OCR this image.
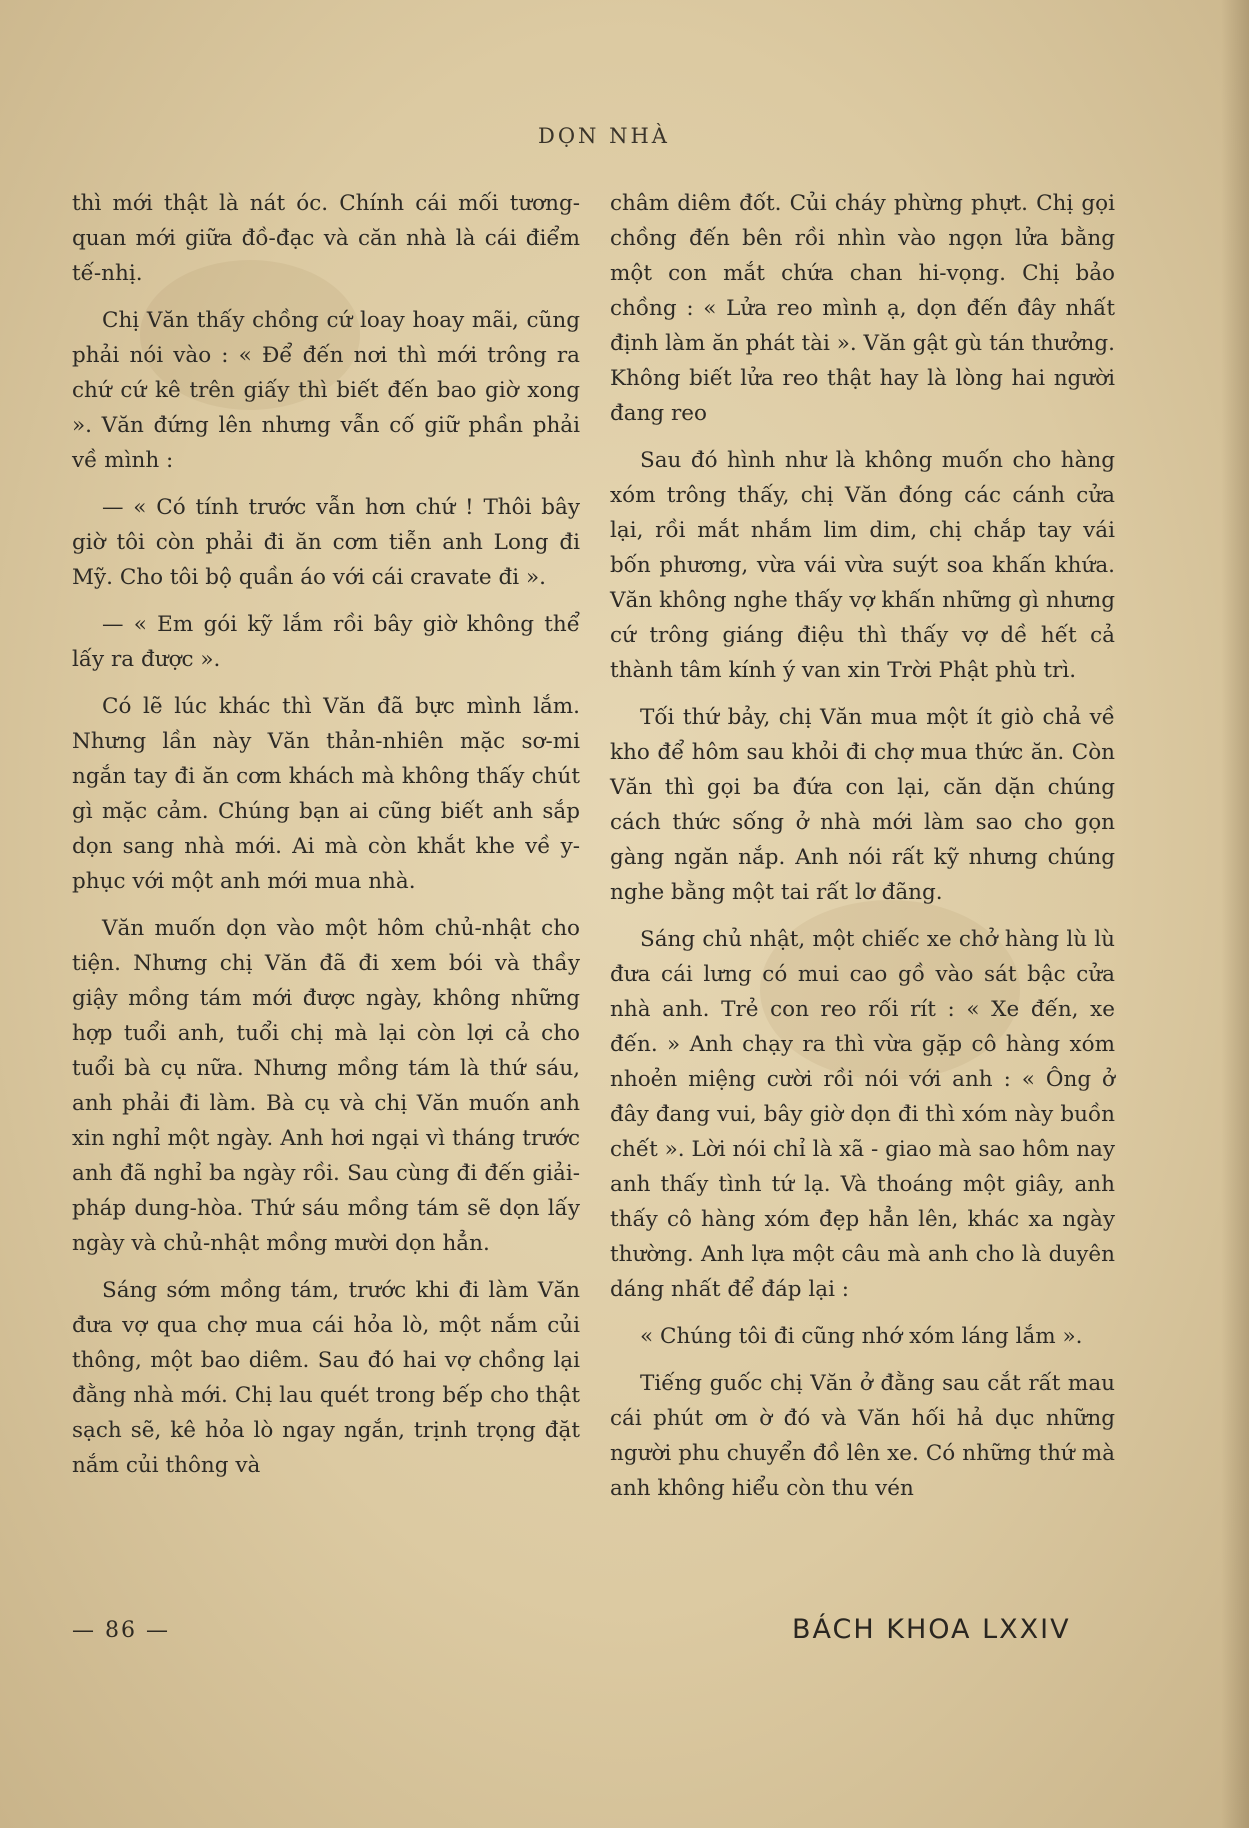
DỌN NHÀ

thì mới thật là nát óc. Chính cái mối tương-quan mới giữa đồ-đạc và căn nhà là cái điểm tế-nhị.

Chị Văn thấy chồng cứ loay hoay mãi, cũng phải nói vào : « Để đến nơi thì mới trông ra chứ cứ kê trên giấy thì biết đến bao giờ xong ». Văn đứng lên nhưng vẫn cố giữ phần phải về mình :

— « Có tính trước vẫn hơn chứ ! Thôi bây giờ tôi còn phải đi ăn cơm tiễn anh Long đi Mỹ. Cho tôi bộ quần áo với cái cravate đi ».

— « Em gói kỹ lắm rồi bây giờ không thể lấy ra được ».

Có lẽ lúc khác thì Văn đã bực mình lắm. Nhưng lần này Văn thản-nhiên mặc sơ-mi ngắn tay đi ăn cơm khách mà không thấy chút gì mặc cảm. Chúng bạn ai cũng biết anh sắp dọn sang nhà mới. Ai mà còn khắt khe về y-phục với một anh mới mua nhà.

Văn muốn dọn vào một hôm chủ-nhật cho tiện. Nhưng chị Văn đã đi xem bói và thầy giậy mồng tám mới được ngày, không những hợp tuổi anh, tuổi chị mà lại còn lợi cả cho tuổi bà cụ nữa. Nhưng mồng tám là thứ sáu, anh phải đi làm. Bà cụ và chị Văn muốn anh xin nghỉ một ngày. Anh hơi ngại vì tháng trước anh đã nghỉ ba ngày rồi. Sau cùng đi đến giải-pháp dung-hòa. Thứ sáu mồng tám sẽ dọn lấy ngày và chủ-nhật mồng mười dọn hẳn.

Sáng sớm mồng tám, trước khi đi làm Văn đưa vợ qua chợ mua cái hỏa lò, một nắm củi thông, một bao diêm. Sau đó hai vợ chồng lại đằng nhà mới. Chị lau quét trong bếp cho thật sạch sẽ, kê hỏa lò ngay ngắn, trịnh trọng đặt nắm củi thông và

châm diêm đốt. Củi cháy phừng phựt. Chị gọi chồng đến bên rồi nhìn vào ngọn lửa bằng một con mắt chứa chan hi-vọng. Chị bảo chồng : « Lửa reo mình ạ, dọn đến đây nhất định làm ăn phát tài ». Văn gật gù tán thưởng. Không biết lửa reo thật hay là lòng hai người đang reo

Sau đó hình như là không muốn cho hàng xóm trông thấy, chị Văn đóng các cánh cửa lại, rồi mắt nhắm lim dim, chị chắp tay vái bốn phương, vừa vái vừa suýt soa khấn khứa. Văn không nghe thấy vợ khấn những gì nhưng cứ trông giáng điệu thì thấy vợ dề hết cả thành tâm kính ý van xin Trời Phật phù trì.

Tối thứ bảy, chị Văn mua một ít giò chả về kho để hôm sau khỏi đi chợ mua thức ăn. Còn Văn thì gọi ba đứa con lại, căn dặn chúng cách thức sống ở nhà mới làm sao cho gọn gàng ngăn nắp. Anh nói rất kỹ nhưng chúng nghe bằng một tai rất lơ đãng.

Sáng chủ nhật, một chiếc xe chở hàng lù lù đưa cái lưng có mui cao gồ vào sát bậc cửa nhà anh. Trẻ con reo rối rít : « Xe đến, xe đến. » Anh chạy ra thì vừa gặp cô hàng xóm nhoẻn miệng cười rồi nói với anh : « Ông ở đây đang vui, bây giờ dọn đi thì xóm này buồn chết ». Lời nói chỉ là xã - giao mà sao hôm nay anh thấy tình tứ lạ. Và thoáng một giây, anh thấy cô hàng xóm đẹp hẳn lên, khác xa ngày thường. Anh lựa một câu mà anh cho là duyên dáng nhất để đáp lại :

« Chúng tôi đi cũng nhớ xóm láng lắm ».

Tiếng guốc chị Văn ở đằng sau cắt rất mau cái phút ơm ờ đó và Văn hối hả dục những người phu chuyển đồ lên xe. Có những thứ mà anh không hiểu còn thu vén

— 86 —	BÁCH KHOA LXXIV
